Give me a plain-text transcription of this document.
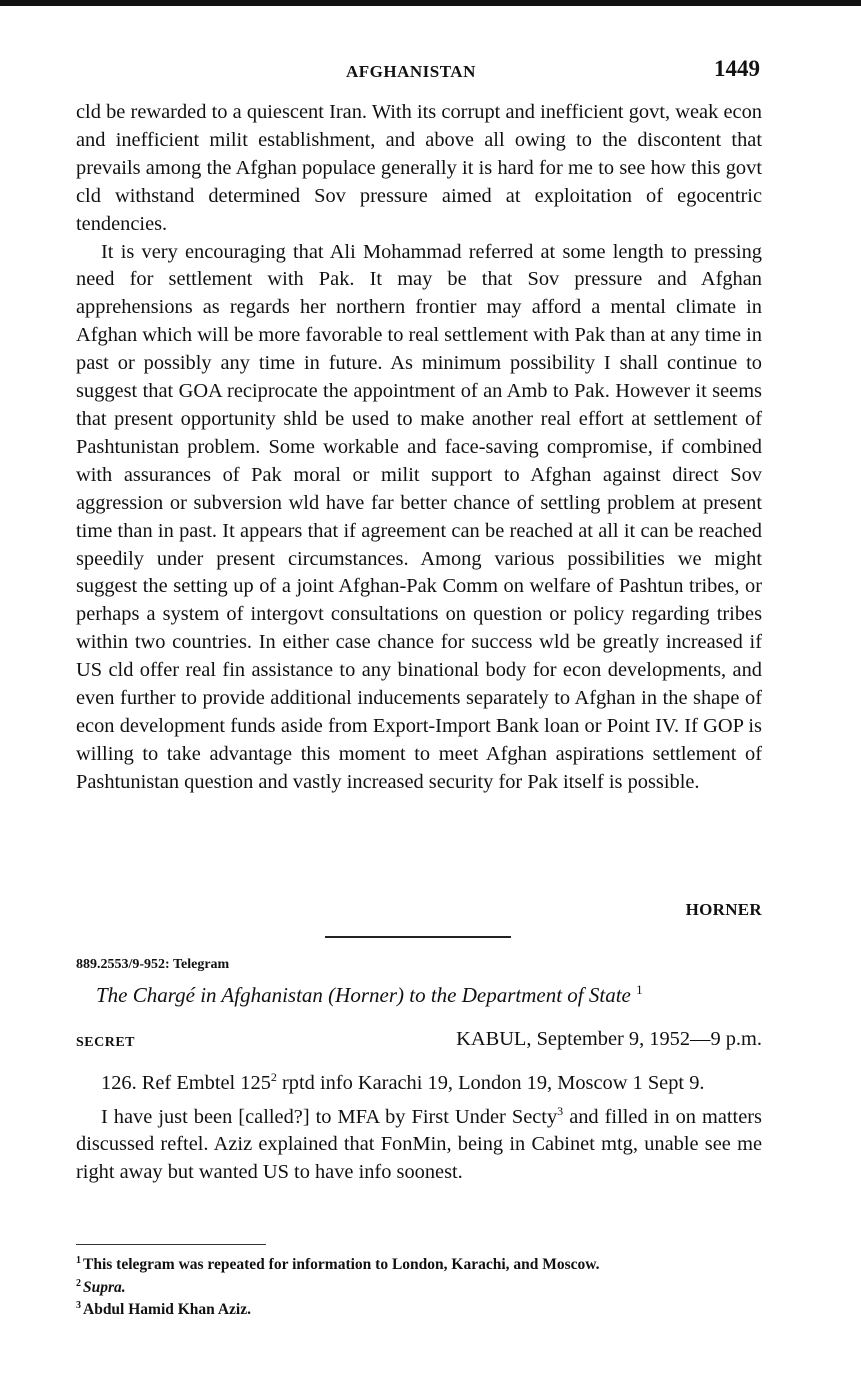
AFGHANISTAN	1449

cld be rewarded to a quiescent Iran. With its corrupt and inefficient govt, weak econ and inefficient milit establishment, and above all owing to the discontent that prevails among the Afghan populace generally it is hard for me to see how this govt cld withstand determined Sov pressure aimed at exploitation of egocentric tendencies.

It is very encouraging that Ali Mohammad referred at some length to pressing need for settlement with Pak. It may be that Sov pressure and Afghan apprehensions as regards her northern frontier may afford a mental climate in Afghan which will be more favorable to real settlement with Pak than at any time in past or possibly any time in future. As minimum possibility I shall continue to suggest that GOA reciprocate the appointment of an Amb to Pak. However it seems that present opportunity shld be used to make another real effort at settlement of Pashtunistan problem. Some workable and face-saving compromise, if combined with assurances of Pak moral or milit support to Afghan against direct Sov aggression or subversion wld have far better chance of settling problem at present time than in past. It appears that if agreement can be reached at all it can be reached speedily under present circumstances. Among various possibilities we might suggest the setting up of a joint Afghan-Pak Comm on welfare of Pashtun tribes, or perhaps a system of intergovt consultations on question or policy regarding tribes within two countries. In either case chance for success wld be greatly increased if US cld offer real fin assistance to any binational body for econ developments, and even further to provide additional inducements separately to Afghan in the shape of econ development funds aside from Export-Import Bank loan or Point IV. If GOP is willing to take advantage this moment to meet Afghan aspirations settlement of Pashtunistan question and vastly increased security for Pak itself is possible.

HORNER
889.2553/9-952: Telegram
The Chargé in Afghanistan (Horner) to the Department of State $^1$
SECRET	KABUL, September 9, 1952—9 p.m.

126. Ref Embtel $125^2$ rptd info Karachi 19, London 19, Moscow 1 Sept 9.

I have just been [called?] to MFA by First Under Secty$^3$ and filled in on matters discussed reftel. Aziz explained that FonMin, being in Cabinet mtg, unable see me right away but wanted US to have info soonest.

$^1$ This telegram was repeated for information to London, Karachi, and Moscow.

$^2$ Supra.

$^3$ Abdul Hamid Khan Aziz.
